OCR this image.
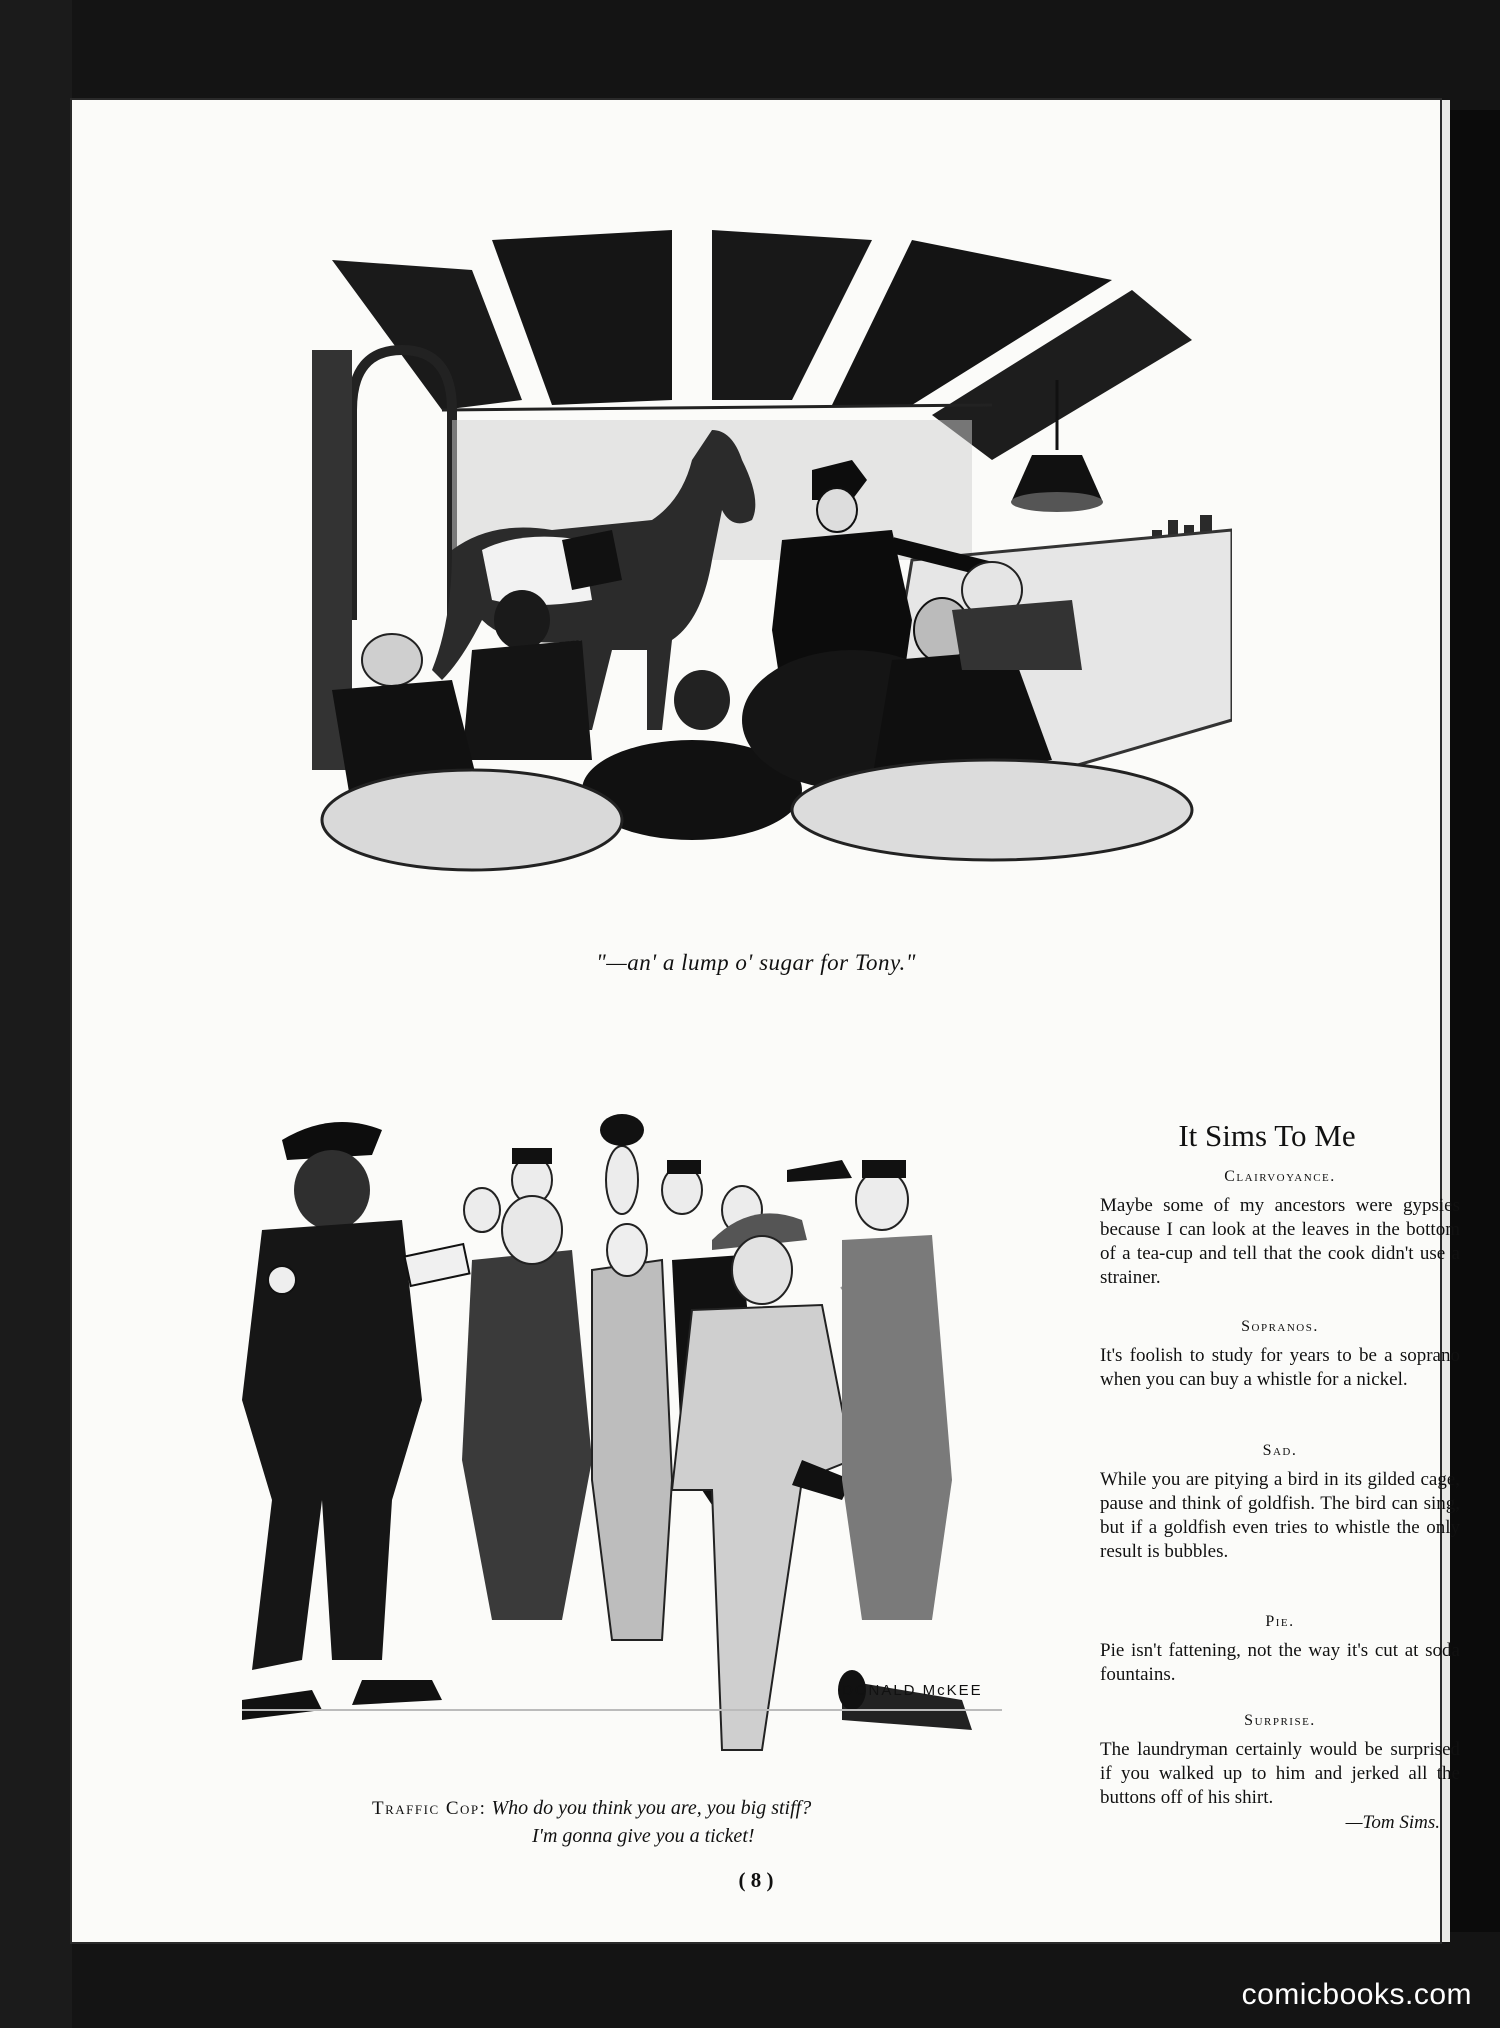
"—an' a lump o' sugar for Tony."
DONALD McKEE
Traffic Cop: Who do you think you are, you big stiff?
I'm gonna give you a ticket!
It Sims To Me
Clairvoyance.
Maybe some of my ancestors were gypsies because I can look at the leaves in the bottom of a tea-cup and tell that the cook didn't use a strainer.
Sopranos.
It's foolish to study for years to be a soprano when you can buy a whistle for a nickel.
Sad.
While you are pitying a bird in its gilded cage, pause and think of goldfish. The bird can sing, but if a goldfish even tries to whistle the only result is bubbles.
Pie.
Pie isn't fattening, not the way it's cut at soda fountains.
Surprise.
The laundryman certainly would be surprised if you walked up to him and jerked all the buttons off of his shirt.
—Tom Sims.
( 8 )
comicbooks.com
